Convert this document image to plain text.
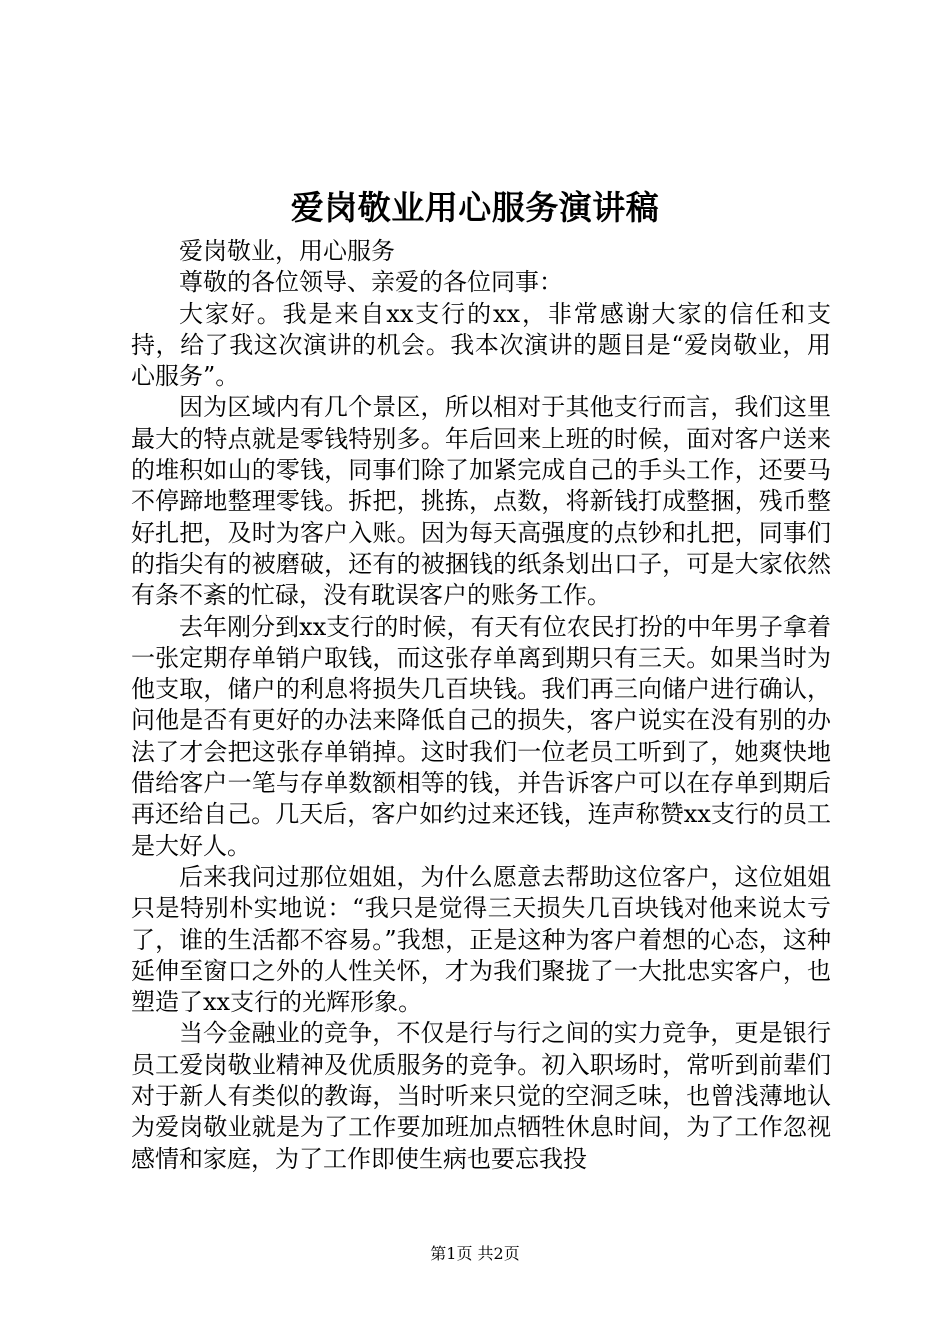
爱岗敬业用心服务演讲稿

爱岗敬业，用心服务

尊敬的各位领导、亲爱的各位同事：

大家好。我是来自xx支行的xx，非常感谢大家的信任和支持，给了我这次演讲的机会。我本次演讲的题目是“爱岗敬业，用心服务”。

因为区域内有几个景区，所以相对于其他支行而言，我们这里最大的特点就是零钱特别多。年后回来上班的时候，面对客户送来的堆积如山的零钱，同事们除了加紧完成自己的手头工作，还要马不停蹄地整理零钱。拆把，挑拣，点数，将新钱打成整捆，残币整好扎把，及时为客户入账。因为每天高强度的点钞和扎把，同事们的指尖有的被磨破，还有的被捆钱的纸条划出口子，可是大家依然有条不紊的忙碌，没有耽误客户的账务工作。

去年刚分到xx支行的时候，有天有位农民打扮的中年男子拿着一张定期存单销户取钱，而这张存单离到期只有三天。如果当时为他支取，储户的利息将损失几百块钱。我们再三向储户进行确认，问他是否有更好的办法来降低自己的损失，客户说实在没有别的办法了才会把这张存单销掉。这时我们一位老员工听到了，她爽快地借给客户一笔与存单数额相等的钱，并告诉客户可以在存单到期后再还给自己。几天后，客户如约过来还钱，连声称赞xx支行的员工是大好人。

后来我问过那位姐姐，为什么愿意去帮助这位客户，这位姐姐只是特别朴实地说：“我只是觉得三天损失几百块钱对他来说太亏了，谁的生活都不容易。”我想，正是这种为客户着想的心态，这种延伸至窗口之外的人性关怀，才为我们聚拢了一大批忠实客户，也塑造了xx支行的光辉形象。

当今金融业的竞争，不仅是行与行之间的实力竞争，更是银行员工爱岗敬业精神及优质服务的竞争。初入职场时，常听到前辈们对于新人有类似的教诲，当时听来只觉的空洞乏味，也曾浅薄地认为爱岗敬业就是为了工作要加班加点牺牲休息时间，为了工作忽视感情和家庭，为了工作即使生病也要忘我投

第1页 共2页
